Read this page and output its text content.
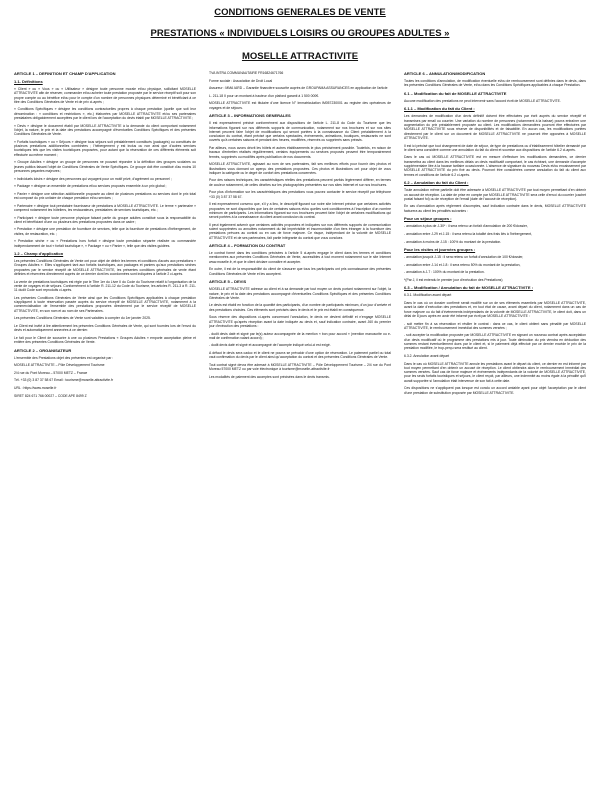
CONDITIONS GENERALES DE VENTE

PRESTATIONS « INDIVIDUELS LOISIRS OU GROUPES ADULTES »

MOSELLE ATTRACTIVITE

ARTICLE 1 – DEFINITION ET CHAMP D'APPLICATION

1.1- Définitions

« Client » ou « Vous » ou « Utilisateur » désigne toute personne morale et/ou physique, sollicitant MOSELLE ATTRACTIVITE afin de réserver, commander et/ou acheter toute prestation proposée par le service réceptif soit pour son propre compte ou au bénéfice et/ou pour le compte d'un nombre de personnes physiques déterminé et bénéficiant à ce titre des Conditions Générales de Vente et de prix ci-après ;

« Conditions Spécifiques » désigne les conditions contractuelles propres à chaque prestation (quelle que soit leur dénomination : « conditions et restrictions », etc.) élaborées par MOSELLE ATTRACTIVITE et/ou ses partenaires prestataires obligatoirement acceptées par le client lors de l'acceptation du devis établi par MOSELLE ATTRACTIVITE ;

« Devis » désigne le document établi par MOSELLE ATTRACTIVITE à la demande du client comportant notamment l'objet, la nature, le prix et la date des prestations accompagné d'éventuelles Conditions Spécifiques et des présentes Conditions Générales de Vente.

« Forfaits touristiques » ou « Séjours » désigne tous séjours soit préalablement constitués (packagés) ou constitués de plusieurs prestations additionnelles combinées ; l'hébergement y est inclus ou non ainsi que d'autres services touristiques tels que les visites touristiques proposées, pour autant que la réservation de ces différents éléments soit effectuée au même moment ;

« Groupe Adultes » désigne un groupe de personnes ne pouvant répondre à la définition des groupes scolaires ou jeunes publics faisant l'objet de Conditions Générales de Vente Spécifiques. Ce groupe doit être constitué d'au moins 10 personnes payantes majeures ;

« Individuels loisirs » désigne des personnes qui voyagent pour un motif privé, d'agrément ou personnel ;

« Package » désigne un ensemble de prestations et/ou services proposés ensemble à un prix global ;

« Panier » désigne une sélection additionnelle proposée au client de plusieurs prestations ou services dont le prix total est composé du prix unitaire de chaque prestation et/ou services ;

« Partenaire » désigne tout prestataire fournisseur de prestations à MOSELLE ATTRACTIVITE. Le terme « partenaire » comprend notamment les hôteliers, les restaurateurs, prestataires de services touristiques, etc. ;

« Participant » désigne toute personne physique faisant partie du groupe adultes constitué sous la responsabilité du client et bénéficiant d'une ou plusieurs des prestations proposées dans ce cadre ;

« Prestation » désigne une prestation de fourniture de services, telle que la fourniture de prestations d'hébergement, de visites, de restauration, etc. ;

« Prestation sèche » ou « Prestations hors forfait » désigne toute prestation séparée réalisée ou commandée indépendamment de tout « forfait touristique », « Package » ou « Panier », telle que des visites guidées.

1.2 – Champ d'application

Les présentes Conditions Générales de Vente ont pour objet de définir les termes et conditions d'accès aux prestations « Groupes Adultes ». Elles s'appliquent tant aux forfaits touristiques, aux packages et paniers qu'aux prestations sèches proposées par le service réceptif de MOSELLE ATTRACTIVITE, les présentes conditions générales de vente étant définies et réservées directement auprès de ce dernier dont les coordonnées sont indiquées à l'article 2 ci-après.

La vente de prestations touristiques est régie par le Titre 1er du Livre II du Code du Tourisme relatif à l'organisation de la vente de voyages et de séjours. Conformément à l'article R. 211-12 du Code du Tourisme, les articles R. 211-3 à R. 211-11 dudit Code sont reproduits ci-après.

Les présentes Conditions Générales de Vente ainsi que les Conditions Spécifiques applicables à chaque prestation s'appliquent à toute réservation passée auprès du service réceptif de MOSELLE ATTRACTIVITE, notamment à la commercialisation de l'ensemble des prestations proposées directement par le service réceptif de MOSELLE ATTRACTIVITE, en son nom et au nom de ses Partenaires.

Les présentes Conditions Générales de Vente sont valables à compter du 1er janvier 2025.

Le Client est invité à lire attentivement les présentes Conditions Générales de Vente, qui sont fournies lors de l'envoi du devis et automatiquement annexées à ce dernier.

Le fait pour le Client de souscrire à une ou plusieurs Prestations « Groupes Adultes » emporte acceptation pleine et entière des présentes Conditions Générales de Vente.

ARTICLE 2 – ORGANISATEUR

L'ensemble des Prestations objet des présentes est organisé par :

MOSELLE ATTRACTIVITE – Pôle Développement Tourisme

2/4 rue du Pont Moreau – 57000 METZ – France

Tél. +33 (0) 3 87 37 58 67 Email : tourisme@moselle-attractivite.fr

URL : https://www.moselle.fr

SIRET 824 671 766 00027 – CODE APE 8499 Z

TVA INTRA COMMUNAUTAIRE FR16824671766

Forme sociale : Association de Droit Local

Assureur : MMA IARD – Garantie financière souscrite auprès de GROUPAMA ASSURANCES en application de l'article

L. 211-18 II pour un montant à hauteur d'un plafond garanti à 1 500 000€.

MOSELLE ATTRACTIVITE est titulaire d'une licence N° Immatriculation IM057230001 au registre des opérateurs de voyages et de séjours.

ARTICLE 3 – INFORMATIONS GENERALES

Il est expressément précisé conformément aux dispositions de l'article L. 211-8 du Code du Tourisme que les informations figurant sur nos différents supports de communication, notamment sur nos brochures et sur nos sites Internet peuvent faire l'objet de modifications qui seront portées à la connaissance du Client préalablement à la conclusion du contrat, étant précisé que certains spectacles, événements, animations, boutiques, restaurants ne sont ouverts qu'à certaines saisons et pendant des heures, modifiées, réservés ou supprimés sans préavis.

Par ailleurs, nous avons décrit les hôtels et autres établissements le plus précisément possible. Toutefois, en raison de travaux d'entretien réalisés régulièrement, certains équipements ou services proposés peuvent être temporairement fermés, supprimés ou modifiés après publication de nos documents.

MOSELLE ATTRACTIVITE, agissant au nom de ses partenaires, fait ses meilleurs efforts pour fournir des photos et illustrations vous donnant un aperçu des prestations proposées. Ces photos et illustrations ont pour objet de vous indiquer la catégorie ou le degré de confort des prestations concernées.

Pour des raisons techniques, les caractéristiques réelles des prestations peuvent parfois légèrement différer, en termes de couleur notamment, de celles décrites sur les photographies présentées sur nos sites Internet et sur nos brochures.

Pour plus d'information sur les caractéristiques des prestations vous pouvez contacter le service réceptif par téléphone +33 (0) 3 87 37 58 67.

Il est expressément convenu que, s'il y a lieu, le descriptif figurant sur notre site Internet précise que certaines activités proposées ne sont disponibles que lors de certaines saisons et/ou quelles sont conditionnées à l'inscription d'un nombre minimum de participants. Les informations figurant sur nos brochures peuvent faire l'objet de certaines modifications qui seront portées à la connaissance du client avant conclusion du contrat.

Il peut également advenir que certaines activités proposées et indiquées sur nos différents supports de communication soient supprimées ou annulées notamment du fait imprévisible et insurmontable d'un tiers étranger à la fourniture des prestations prévues au contrat ou en cas de force majeure. Ce risque, indépendant de la volonté de MOSELLE ATTRACTIVITE et de ses partenaires, fait partie intégrante du contrat que vous concluez.

ARTICLE 4 – FORMATION DU CONTRAT

Le contrat formé dans les conditions précisées à l'article 5 ci-après engage le client dans les termes et conditions mentionnées aux présentes Conditions Générales de Vente, accessibles à tout moment notamment sur le site Internet www.moselle.fr, et que le client déclare connaître et accepter.

En outre, il est de la responsabilité du client de s'assurer que tous les participants ont pris connaissance des présentes Conditions Générales de Vente et les acceptent.

ARTICLE 5 – DEVIS

MOSELLE ATTRACTIVITE adresse au client et à sa demande par tout moyen un devis portant notamment sur l'objet, la nature, le prix et la date des prestations accompagné d'éventuelles Conditions Spécifiques et des présentes Conditions Générales de Vente.

Le devis est établi en fonction de la quantité des participants, d'un nombre de participants minimum, d'un jour d'arrivée et des prestations choisies. Ces éléments sont précisés dans le devis et le prix est établi en conséquence.

Sous réserve des dispositions ci-après concernant l'annulation, le devis ne devient définitif et n'engage MOSELLE ATTRACTIVITE qu'après réception avant la date indiquée au devis et, sauf indication contraire, avant J60 du premier jour d'exécution des prestations :

- dudit devis daté et signé par le(s) auteur accompagnée de la mention « bon pour accord » (mention manuscrite ou e-mail de confirmation valant accord) ;

- dudit devis daté et signé et accompagné de l'acompte indiqué celui-ci est exigé.

A défaut le devis sera caduc et le client ne pourra se prévaloir d'une option de réservation. Le paiement partiel ou total vaut confirmation du devis par le client ainsi qu'acceptation du contrat et des présentes Conditions Générales de Vente.

Tout contrat signé devra être adressé à MOSELLE ATTRACTIVITE – Pôle Développement Tourisme – 2/4 rue du Pont Moreau 57000 METZ ou par voie électronique à tourisme@moselle-attractivite.fr

Les modalités de paiement des acomptes sont précisées dans le devis transmis.

ARTICLE 6 – ANNULATION/MODIFICATION

Toutes les conditions d'annulation, de modification éventuelle et/ou de remboursement sont définies dans le devis, dans les présentes Conditions Générales de Vente, et/ou dans les Conditions Spécifiques applicables à chaque Prestation.

6.1 – Modification du fait de MOSELLE ATTRACTIVITE

Aucune modification des prestations ne peut intervenir sans l'accord écrit de MOSELLE ATTRACTIVITE.

6.1.1 – Modification du fait du Client :

Les demandes de modification d'un devis définitif doivent être effectuées par écrit auprès du service réceptif et transmises par email ou courrier. Une variation du nombre de personnes (notamment à la baisse) pourra entraîner une augmentation du prix préalablement proposée au client. Les modifications demandées pourront être effectuées par MOSELLE ATTRACTIVITE sous réserve de disponibilités et de faisabilité. En aucun cas, les modifications portées directement par le client sur un document de MOSELLE ATTRACTIVITE ne pourront être opposées à MOSELLE ATTRACTIVITE.

Il est ici précisé que tout changement de date de séjour, de type de prestations ou d'établissement hôtelier demandé par le client sera considéré comme une annulation du fait du client et soumise aux dispositions de l'article 6.2 ci-après.

Dans le cas où MOSELLE ATTRACTIVITE est en mesure d'effectuer les modifications demandées, ce dernier transmettra au client dans les meilleurs délais un devis modificatif comportant, le cas échéant, une demande d'acompte supplémentaire liée à la hausse tarifaire occasionnée. L'absence de signature du nouveau Devis et/ou encaissement par MOSELLE ATTRACTIVITE du prix fixé au devis. Pourront être considérées comme annulation du fait du client aux termes et conditions de l'article 6.2 ci-après.

6.2 – Annulation du fait du Client :

Toute annulation même partielle doit être adressée à MOSELLE ATTRACTIVITE par tout moyen permettant d'en obtenir un accusé de réception. La date de prise en compte par MOSELLE ATTRACTIVITE sera celle d'envoi du courrier (cachet postal faisant foi) ou de réception de l'email (date de l'accusé de réception).

En cas d'annulation après règlement d'acomptes, sauf indication contraire dans le devis, MOSELLE ATTRACTIVITE facturera au client les pénalités suivantes :

Pour un séjour groupes :

- annulation à plus de J-30* : il sera retenu un forfait d'annulation de 200 €/dossier,

- annulation entre J-29 et J-15 : il sera retenu la totalité des frais liés à l'hébergement,

- annulation à moins de J-15 : 100% du montant de la prestation.

Pour les visites et journées groupes :

- annulation jusqu'à J-15 : il sera retenu un forfait d'annulation de 100 €/dossier,

- annulation entre J-14 et J-8 : il sera retenu 50% du montant de la prestation,

- annulation à J-7 : 100% du montant de la prestation.

*(Par J, il est entendu le premier jour d'exécution des Prestations)

6.3 – Modification / Annulation du fait de MOSELLE ATTRACTIVITE :

6.3.1. Modification avant départ

Dans le cas où un dossier confirmé serait modifié sur un de ses éléments essentiels par MOSELLE ATTRACTIVITE, avant la date d'exécution des prestations et, en tout état de cause, avant départ du client, notamment dans un cas de force majeure ou du fait d'événements indépendants de la volonté de MOSELLE ATTRACTIVITE, le client doit, dans un délai de 8 jours après en avoir été informé par écrit par MOSELLE ATTRACTIVITE :

- soit mettre fin à sa réservation et résilier le contrat : dans ce cas, le client obtient sans pénalité par MOSELLE ATTRACTIVITE, le remboursement immédiat des sommes versées ;

- soit accepter la modification proposée par MOSELLE ATTRACTIVITE en signant un nouveau contrat après acceptation d'un devis modificatif où le programme des prestations mis à jour. Toute diminution du prix viendra en déduction des sommes restant éventuellement dues par le client et, si le paiement déjà effectué par ce dernier excède le prix de la prestation modifiée, le trop-perçu sera restitué au client.

6.3.2. Annulation avant départ

Dans le cas où MOSELLE ATTRACTIVITE annule les prestations avant le départ du client, ce dernier en est informé par tout moyen permettant d'en obtenir un accusé de réception. Le client obtiendra alors le remboursement immédiat des sommes versées. Sauf cas de force majeure et événements indépendants de la volonté de MOSELLE ATTRACTIVITE, pour les seuls forfaits touristiques et séjours, le client reçoit, par ailleurs, une indemnité au moins égale à la pénalité qu'il aurait supportée si l'annulation était intervenue de son fait à cette date.

Ces dispositions ne s'appliquent pas lorsque est conclu un accord amiable ayant pour objet l'acceptation par le client d'une prestation de substitution proposée par MOSELLE ATTRACTIVITE.
